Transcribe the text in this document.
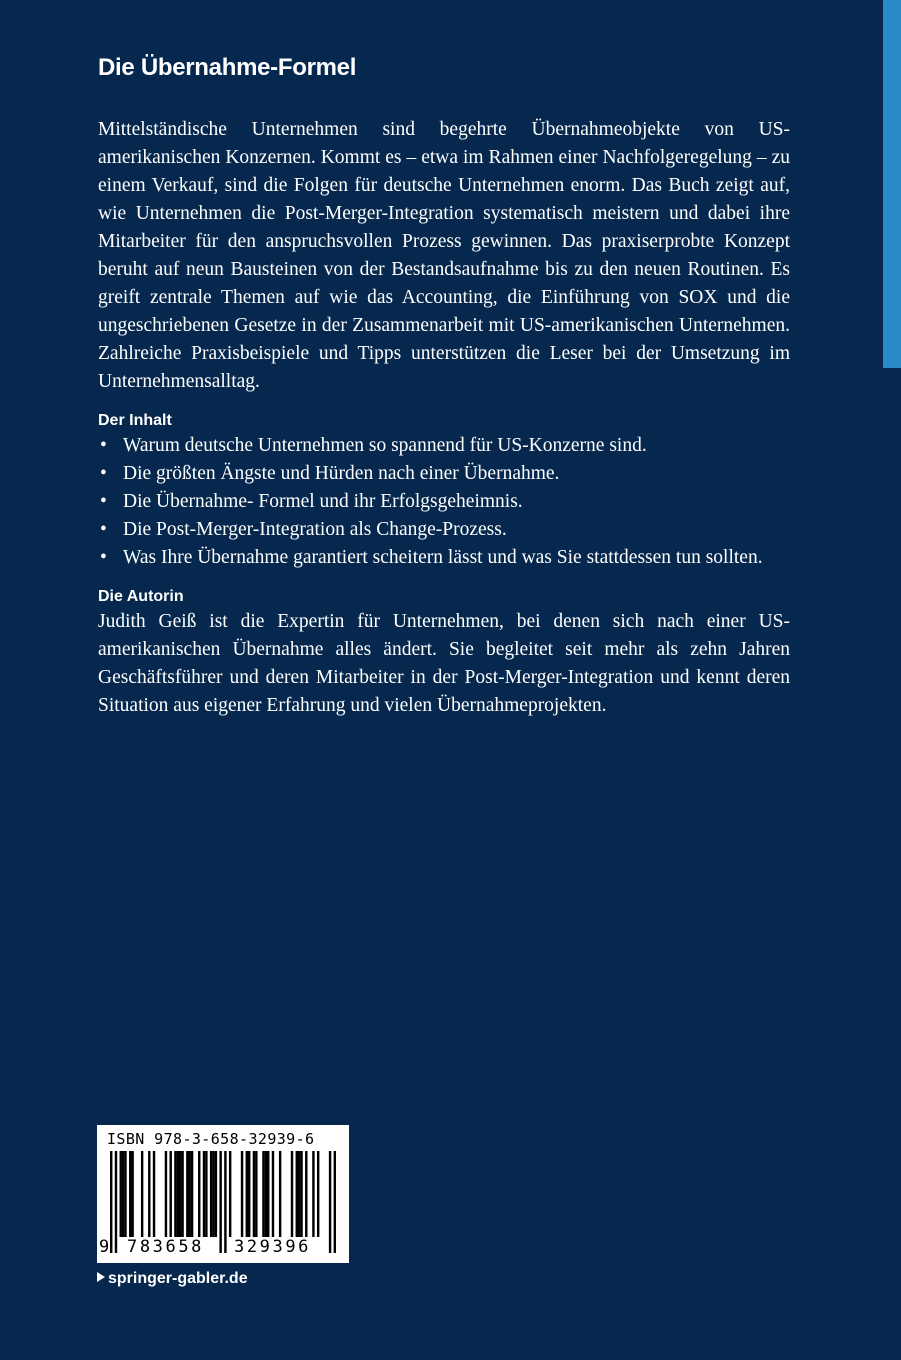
Die Übernahme-Formel

Mittelständische Unternehmen sind begehrte Übernahmeobjekte von US-amerikanischen Konzernen. Kommt es – etwa im Rahmen einer Nachfolgeregelung – zu einem Verkauf, sind die Folgen für deutsche Unternehmen enorm. Das Buch zeigt auf, wie Unternehmen die Post-Merger-Integration systematisch meistern und dabei ihre Mitarbeiter für den anspruchsvollen Prozess gewinnen. Das praxiserprobte Konzept beruht auf neun Bausteinen von der Bestandsaufnahme bis zu den neuen Routinen. Es greift zentrale Themen auf wie das Accounting, die Einführung von SOX und die ungeschriebenen Gesetze in der Zusammenarbeit mit US-amerikanischen Unternehmen. Zahlreiche Praxisbeispiele und Tipps unterstützen die Leser bei der Umsetzung im Unternehmensalltag.

Der Inhalt
• Warum deutsche Unternehmen so spannend für US-Konzerne sind.
• Die größten Ängste und Hürden nach einer Übernahme.
• Die Übernahme- Formel und ihr Erfolgsgeheimnis.
• Die Post-Merger-Integration als Change-Prozess.
• Was Ihre Übernahme garantiert scheitern lässt und was Sie stattdessen tun sollten.
Die Autorin

Judith Geiß ist die Expertin für Unternehmen, bei denen sich nach einer US-amerikanischen Übernahme alles ändert. Sie begleitet seit mehr als zehn Jahren Geschäftsführer und deren Mitarbeiter in der Post-Merger-Integration und kennt deren Situation aus eigener Erfahrung und vielen Übernahmeprojekten.

ISBN 978-3-658-32939-6
9 783658 329396
springer-gabler.de
